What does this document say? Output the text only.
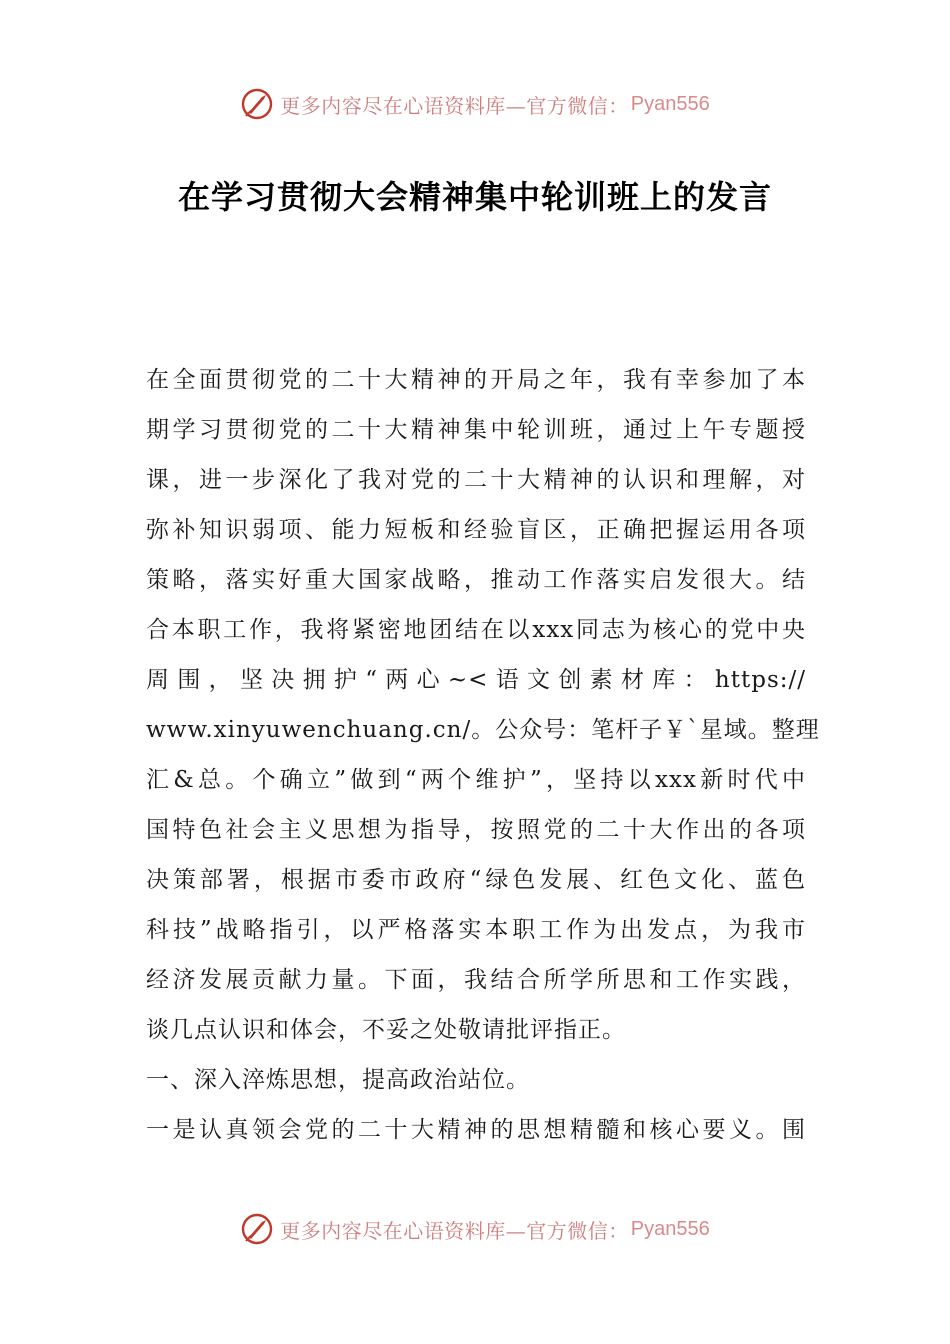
更多内容尽在心语资料库—官方微信： Pyan556
在学习贯彻大会精神集中轮训班上的发言

在全面贯彻党的二十大精神的开局之年，我有幸参加了本
期学习贯彻党的二十大精神集中轮训班，通过上午专题授
课，进一步深化了我对党的二十大精神的认识和理解，对
弥补知识弱项、能力短板和经验盲区，正确把握运用各项
策略，落实好重大国家战略，推动工作落实启发很大。结
合本职工作，我将紧密地团结在以xxx同志为核心的党中央
周围，坚决拥护“两心~<语文创素材库：https://
www.xinyuwenchuang.cn/。公众号：笔杆子￥`星域。整理
汇&总。个确立”做到“两个维护”，坚持以xxx新时代中
国特色社会主义思想为指导，按照党的二十大作出的各项
决策部署，根据市委市政府“绿色发展、红色文化、蓝色
科技”战略指引，以严格落实本职工作为出发点，为我市
经济发展贡献力量。下面，我结合所学所思和工作实践，
谈几点认识和体会，不妥之处敬请批评指正。

一、深入淬炼思想，提高政治站位。

一是认真领会党的二十大精神的思想精髓和核心要义。围

更多内容尽在心语资料库—官方微信： Pyan556
